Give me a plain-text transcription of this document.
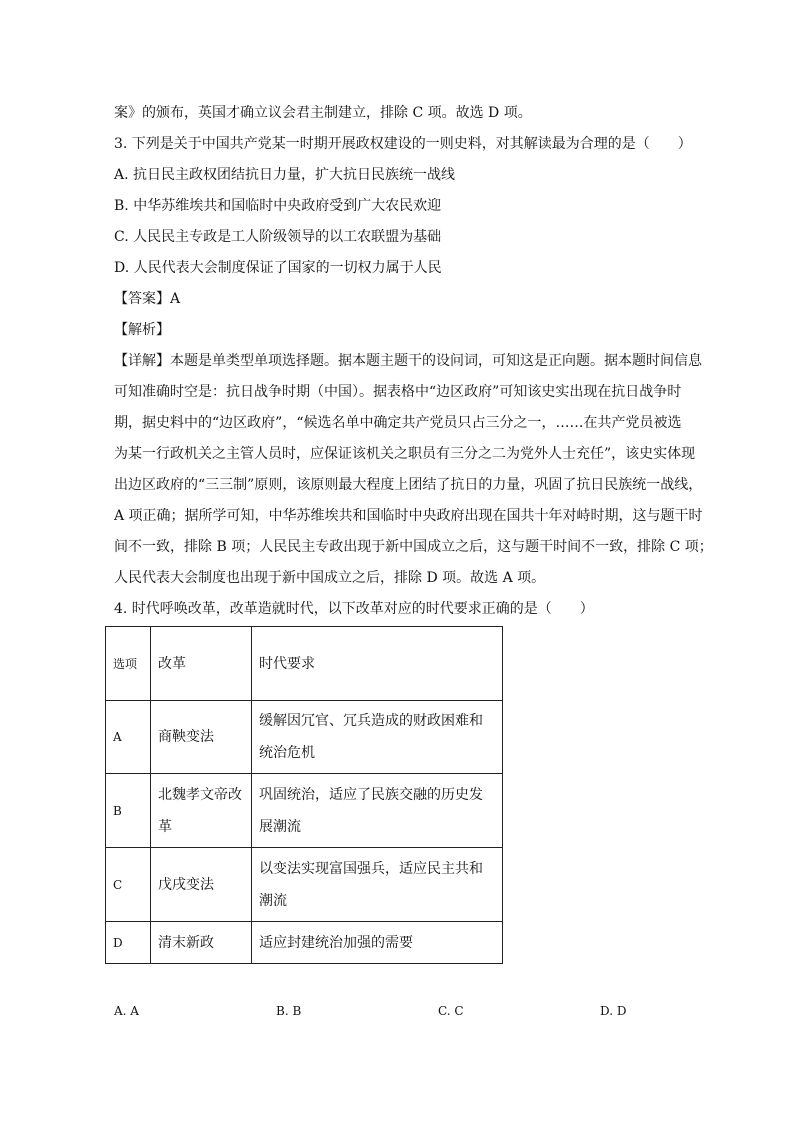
案》的颁布，英国才确立议会君主制建立，排除 C 项。故选 D 项。
3. 下列是关于中国共产党某一时期开展政权建设的一则史料，对其解读最为合理的是（　　）
A. 抗日民主政权团结抗日力量，扩大抗日民族统一战线
B. 中华苏维埃共和国临时中央政府受到广大农民欢迎
C. 人民民主专政是工人阶级领导的以工农联盟为基础
D. 人民代表大会制度保证了国家的一切权力属于人民
【答案】A
【解析】
【详解】本题是单类型单项选择题。据本题主题干的设问词，可知这是正向题。据本题时间信息
可知准确时空是：抗日战争时期（中国）。据表格中“边区政府”可知该史实出现在抗日战争时
期，据史料中的“边区政府”，“候选名单中确定共产党员只占三分之一，……在共产党员被选
为某一行政机关之主管人员时，应保证该机关之职员有三分之二为党外人士充任”，该史实体现
出边区政府的“三三制”原则，该原则最大程度上团结了抗日的力量，巩固了抗日民族统一战线，
A 项正确；据所学可知，中华苏维埃共和国临时中央政府出现在国共十年对峙时期，这与题干时
间不一致，排除 B 项；人民民主专政出现于新中国成立之后，这与题干时间不一致，排除 C 项；
人民代表大会制度也出现于新中国成立之后，排除 D 项。故选 A 项。
4. 时代呼唤改革，改革造就时代，以下改革对应的时代要求正确的是（　　）
选项	改革	时代要求
A	商鞅变法	缓解因冗官、冗兵造成的财政困难和统治危机
B	北魏孝文帝改革	巩固统治，适应了民族交融的历史发展潮流
C	戊戌变法	以变法实现富国强兵，适应民主共和潮流
D	清末新政	适应封建统治加强的需要
A. A	B. B	C. C	D. D
